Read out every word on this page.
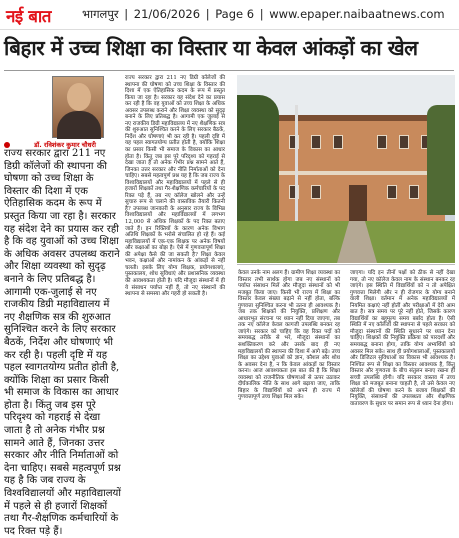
नई बात	भागलपुर | 21/06/2026 | Page 6 | www.epaper.naibaatnews.com
बिहार में उच्च शिक्षा का विस्तार या केवल आंकड़ों का खेल
डॉ. रविशंकर कुमार चौधरी

राज्य सरकार द्वारा 211 नए डिग्री कॉलेजों की स्थापना की घोषणा को उच्च शिक्षा के विस्तार की दिशा में एक ऐतिहासिक कदम के रूप में प्रस्तुत किया जा रहा है। सरकार यह संदेश देने का प्रयास कर रही है कि वह युवाओं को उच्च शिक्षा के अधिक अवसर उपलब्ध कराने और शिक्षा व्यवस्था को सुदृढ़ बनाने के लिए प्रतिबद्ध है। आगामी एक-जुलाई से नए राजकीय डिग्री महाविद्यालय में नए शैक्षणिक सत्र की शुरुआत सुनिश्चित करने के लिए सरकार बैठकें, निर्देश और घोषणाएं भी कर रही है। पहली दृष्टि में यह पहल स्वागतयोग्य प्रतीत होती है, क्योंकि शिक्षा का प्रसार किसी भी समाज के विकास का आधार होता है। किंतु जब इस पूरे परिदृश्य को गहराई से देखा जाता है तो अनेक गंभीर प्रश्न सामने आते हैं, जिनका उत्तर सरकार और नीति निर्माताओं को देना चाहिए। सबसे महत्वपूर्ण प्रश्न यह है कि जब राज्य के विश्वविद्यालयों और महाविद्यालयों में पहले से ही हजारों शिक्षकों तथा गैर-शैक्षणिक कर्मचारियों के पद रिक्त पड़े हैं।

राज्य सरकार द्वारा 211 नए डिग्री कॉलेजों की स्थापना की घोषणा को उच्च शिक्षा के विस्तार की दिशा में एक ऐतिहासिक कदम के रूप में प्रस्तुत किया जा रहा है। सरकार यह संदेश देने का प्रयास कर रही है कि वह युवाओं को उच्च शिक्षा के अधिक अवसर उपलब्ध कराने और शिक्षा व्यवस्था को सुदृढ़ बनाने के लिए प्रतिबद्ध है। आगामी एक जुलाई से नए राजकीय डिग्री महाविद्यालय में नए शैक्षणिक सत्र की शुरुआत सुनिश्चित करने के लिए सरकार बैठकें, निर्देश और घोषणाएं भी कर रही है। पहली दृष्टि में यह पहल स्वागतयोग्य प्रतीत होती है, क्योंकि शिक्षा का प्रसार किसी भी समाज के विकास का आधार होता है। किंतु जब इस पूरे परिदृश्य को गहराई से देखा जाता है तो अनेक गंभीर प्रश्न सामने आते हैं, जिनका उत्तर सरकार और नीति निर्माताओं को देना चाहिए। सबसे महत्वपूर्ण प्रश्न यह है कि जब राज्य के विश्वविद्यालयों और महाविद्यालयों में पहले से ही हजारों शिक्षकों तथा गैर-शैक्षणिक कर्मचारियों के पद रिक्त पड़े हैं, तब नए कॉलेज खोलने और उन्हें सुचारु रूप से चलाने की वास्तविक तैयारी कितनी है? उपलब्ध जानकारी के अनुसार राज्य के विभिन्न विश्वविद्यालयों और महाविद्यालयों में लगभग 12,000 से अधिक शिक्षकों के पद रिक्त बताए जाते हैं। इन रिक्तियों के कारण अनेक विभाग अतिथि शिक्षकों के भरोसे संचालित हो रहे हैं। कई महाविद्यालयों में एक-एक शिक्षक पर अनेक विषयों और कक्षाओं का बोझ है। ऐसे में गुणवत्तापूर्ण शिक्षा की अपेक्षा कैसे की जा सकती है? शिक्षा केवल भवन, कक्षाओं और नामांकन के आंकड़ों से नहीं चलती। इसके लिए योग्य शिक्षक, प्रयोगशालाएं, पुस्तकालय, शोध सुविधाएं और प्रशासनिक व्यवस्था की आवश्यकता होती है। यदि मौजूदा संस्थानों में ही ये संसाधन पर्याप्त नहीं हैं, तो नए संस्थानों की स्थापना से समस्या और गहरी हो सकती है।
केवल उनके नाम अलग हैं। ग्रामीण शिक्षा व्यवस्था का विस्तार तभी सार्थक होगा जब नए संस्थानों को पर्याप्त संसाधन मिलें और मौजूदा संस्थानों को भी मजबूत किया जाए। किसी भी राज्य में शिक्षा का विस्तार केवल संख्या बढ़ाने से नहीं होता, बल्कि गुणवत्ता सुनिश्चित करना भी उतना ही आवश्यक है। जब तक शिक्षकों की नियुक्ति, प्रशिक्षण और आधारभूत संरचना पर ध्यान नहीं दिया जाएगा, तब तक नए कॉलेज केवल कागजी उपलब्धि बनकर रह जाएंगे। सरकार को चाहिए कि वह रिक्त पदों को समयबद्ध तरीके से भरे, मौजूदा संस्थानों का सशक्तिकरण करे और उसके बाद ही नए महाविद्यालयों की स्थापना की दिशा में आगे बढ़े। उच्च शिक्षा का उद्देश्य युवाओं को ज्ञान, कौशल और शोध के अवसर देना है, न कि केवल आंकड़ों का विस्तार करना। आज आवश्यकता इस बात की है कि शिक्षा व्यवस्था को राजनीतिक घोषणाओं से ऊपर उठाकर दीर्घकालिक नीति के साथ आगे बढ़ाया जाए, ताकि बिहार के विद्यार्थियों को अपने ही राज्य में गुणवत्तापूर्ण उच्च शिक्षा मिल सके।
जाएगा। यदि इन तीनों पक्षों को ठीक से नहीं देखा गया, तो नए कॉलेज केवल नाम के संस्थान बनकर रह जाएंगे। इस स्थिति में विद्यार्थियों को न तो अपेक्षित गुणवत्ता मिलेगी और न ही रोजगार के योग्य बनाने वाली शिक्षा। वर्तमान में अनेक महाविद्यालयों में नियमित कक्षाएं नहीं होतीं और परीक्षाओं में देरी आम बात है। सत्र समय पर पूरे नहीं होते, जिसके कारण विद्यार्थियों का बहुमूल्य समय बर्बाद होता है। ऐसी स्थिति में नए कॉलेजों की स्थापना से पहले सरकार को मौजूदा संस्थानों की स्थिति सुधारने पर ध्यान देना चाहिए। शिक्षकों की नियुक्ति प्रक्रिया को पारदर्शी और समयबद्ध बनाना होगा, ताकि योग्य अभ्यर्थियों को अवसर मिल सके। साथ ही प्रयोगशालाओं, पुस्तकालयों और डिजिटल सुविधाओं का विकास भी आवश्यक है। निश्चित रूप से शिक्षा का विस्तार आवश्यक है, किंतु विस्तार और गुणवत्ता के बीच संतुलन बनाए रखना ही सच्ची उपलब्धि होगी। यदि सरकार वास्तव में उच्च शिक्षा को मजबूत बनाना चाहती है, तो उसे केवल नए कॉलेजों की घोषणा करने के बजाय शिक्षकों की नियुक्ति, संसाधनों की उपलब्धता और शैक्षणिक वातावरण के सुधार पर समान रूप से ध्यान देना होगा।
